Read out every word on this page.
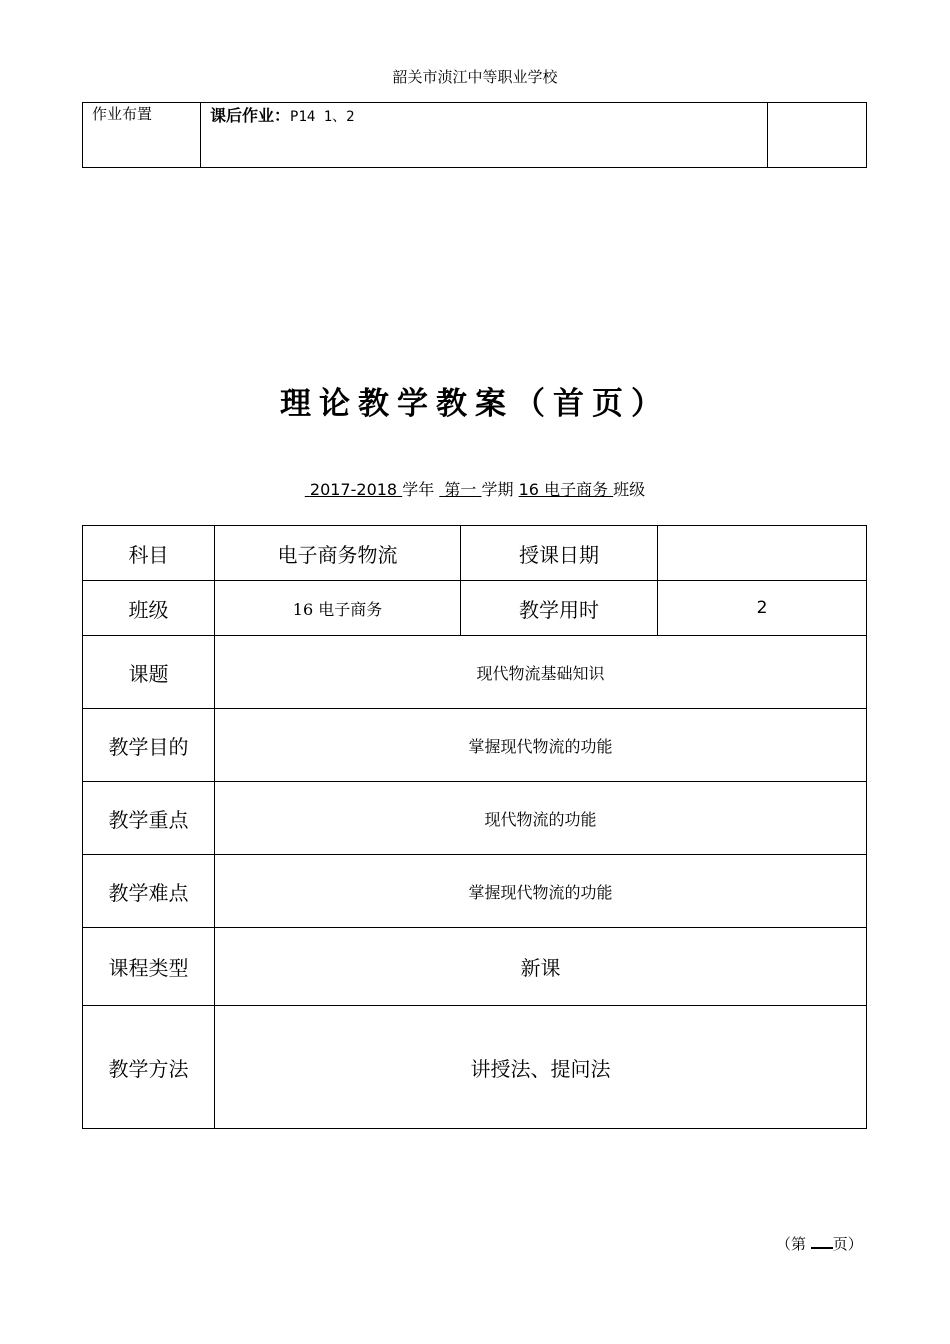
韶关市浈江中等职业学校
作业布置	课后作业：P14 1、2	
理论教学教案（首页）
2017-2018 学年 第一 学期 16 电子商务 班级
科目	电子商务物流	授课日期	
班级	16 电子商务	教学用时	2
课题	现代物流基础知识		
教学目的	掌握现代物流的功能		
教学重点	现代物流的功能		
教学难点	掌握现代物流的功能		
课程类型	新课		
教学方法	讲授法、提问法		
（第 页）
